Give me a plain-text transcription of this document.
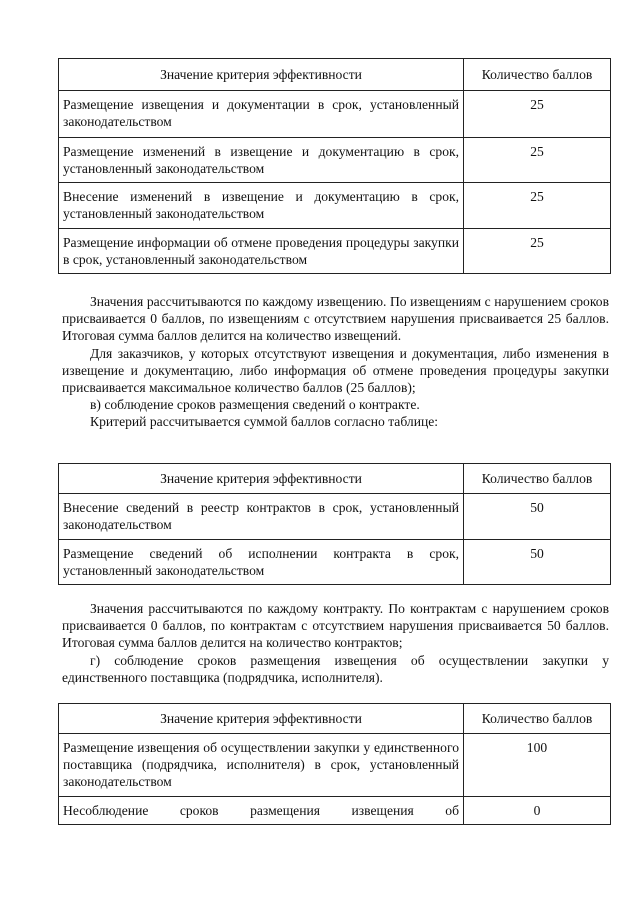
Значение критерия эффективности	Количество баллов
Размещение извещения и документации в срок, установленный законодательством	25
Размещение изменений в извещение и документацию в срок, установленный законодательством	25
Внесение изменений в извещение и документацию в срок, установленный законодательством	25
Размещение информации об отмене проведения процедуры закупки в срок, установленный законодательством	25

Значения рассчитываются по каждому извещению. По извещениям с нарушением сроков присваивается 0 баллов, по извещениям с отсутствием нарушения присваивается 25 баллов. Итоговая сумма баллов делится на количество извещений.

Для заказчиков, у которых отсутствуют извещения и документация, либо изменения в извещение и документацию, либо информация об отмене проведения процедуры закупки присваивается максимальное количество баллов (25 баллов);

в) соблюдение сроков размещения сведений о контракте.

Критерий рассчитывается суммой баллов согласно таблице:

Значение критерия эффективности	Количество баллов
Внесение сведений в реестр контрактов в срок, установленный законодательством	50
Размещение сведений об исполнении контракта в срок, установленный законодательством	50

Значения рассчитываются по каждому контракту. По контрактам с нарушением сроков присваивается 0 баллов, по контрактам с отсутствием нарушения присваивается 50 баллов. Итоговая сумма баллов делится на количество контрактов;

г) соблюдение сроков размещения извещения об осуществлении закупки у единственного поставщика (подрядчика, исполнителя).

Значение критерия эффективности	Количество баллов
Размещение извещения об осуществлении закупки у единственного поставщика (подрядчика, исполнителя) в срок, установленный законодательством	100

Несоблюдение сроков размещения извещения об	0
